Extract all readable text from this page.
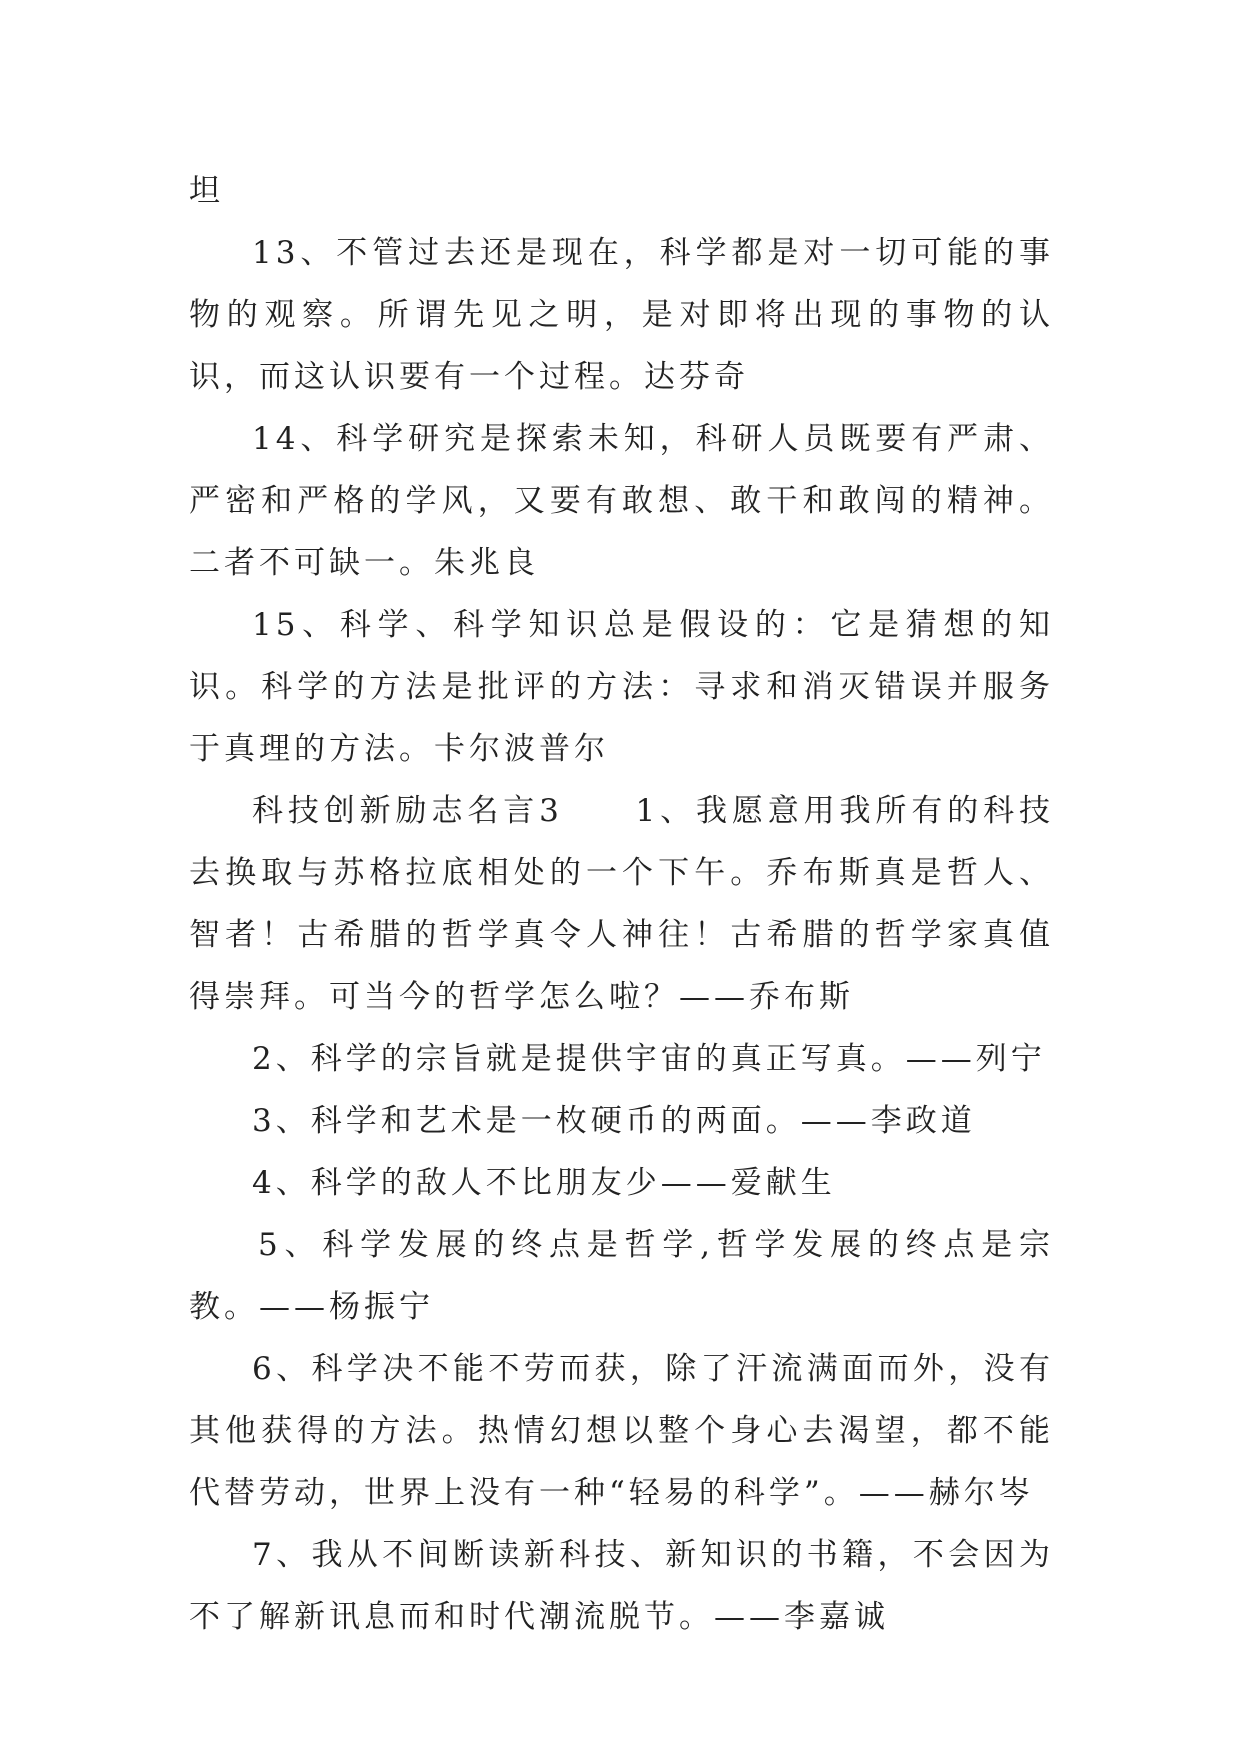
坦

13、不管过去还是现在，科学都是对一切可能的事物的观察。所谓先见之明，是对即将出现的事物的认识，而这认识要有一个过程。达芬奇

14、科学研究是探索未知，科研人员既要有严肃、严密和严格的学风，又要有敢想、敢干和敢闯的精神。二者不可缺一。朱兆良

15、科学、科学知识总是假设的：它是猜想的知识。科学的方法是批评的方法：寻求和消灭错误并服务于真理的方法。卡尔波普尔

科技创新励志名言3　　1、我愿意用我所有的科技去换取与苏格拉底相处的一个下午。乔布斯真是哲人、智者！古希腊的哲学真令人神往！古希腊的哲学家真值得崇拜。可当今的哲学怎么啦？——乔布斯

2、科学的宗旨就是提供宇宙的真正写真。——列宁

3、科学和艺术是一枚硬币的两面。——李政道

4、科学的敌人不比朋友少——爱献生

5、科学发展的终点是哲学,哲学发展的终点是宗教。——杨振宁

6、科学决不能不劳而获，除了汗流满面而外，没有其他获得的方法。热情幻想以整个身心去渴望，都不能代替劳动，世界上没有一种“轻易的科学”。——赫尔岑

7、我从不间断读新科技、新知识的书籍，不会因为不了解新讯息而和时代潮流脱节。——李嘉诚
